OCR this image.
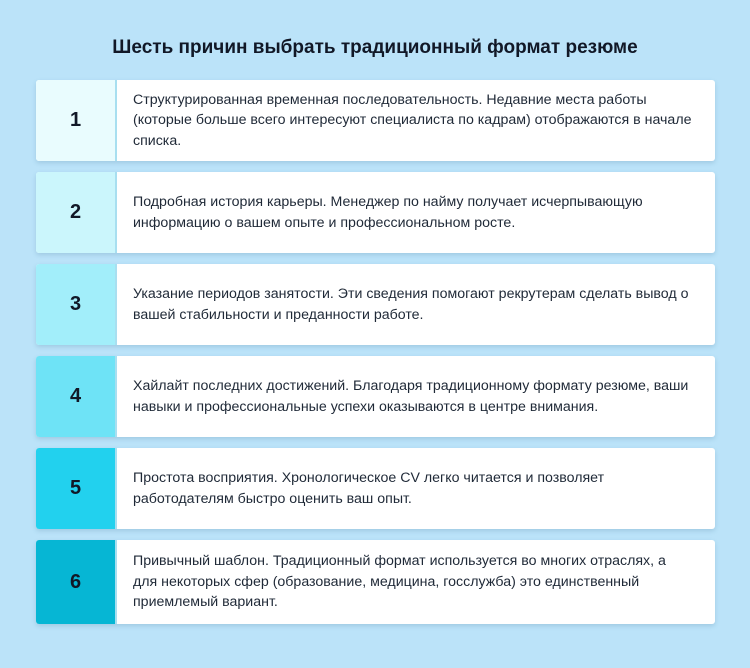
Шесть причин выбрать традиционный формат резюме
1
Структурированная временная последовательность. Недавние места работы (которые больше всего интересуют специалиста по кадрам) отображаются в начале списка.
2	Подробная история карьеры. Менеджер по найму получает исчерпывающую информацию о вашем опыте и профессиональном росте.
3	Указание периодов занятости. Эти сведения помогают рекрутерам сделать вывод о вашей стабильности и преданности работе.
4	Хайлайт последних достижений. Благодаря традиционному формату резюме, ваши навыки и профессиональные успехи оказываются в центре внимания.
5	Простота восприятия. Хронологическое CV легко читается и позволяет работодателям быстро оценить ваш опыт.
6
Привычный шаблон. Традиционный формат используется во многих отраслях, а для некоторых сфер (образование, медицина, госслужба) это единственный приемлемый вариант.
